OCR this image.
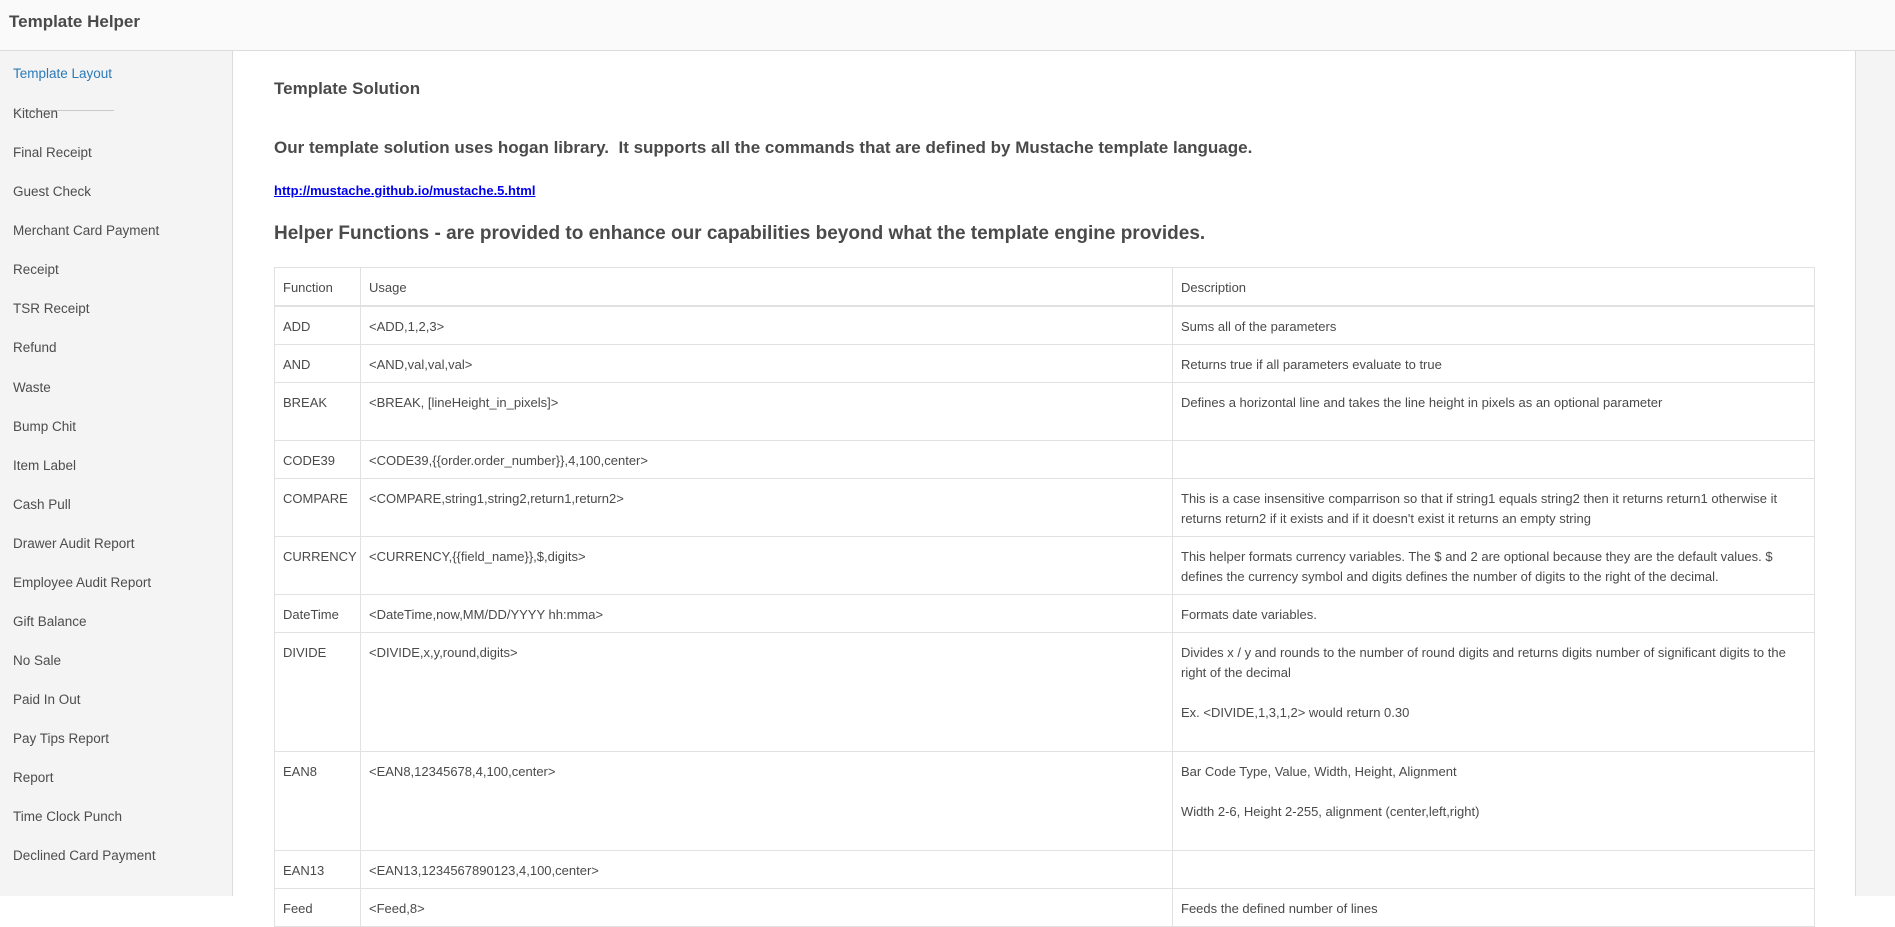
Template Helper
Template Layout
Kitchen
Final Receipt
Guest Check
Merchant Card Payment
Receipt
TSR Receipt
Refund
Waste
Bump Chit
Item Label
Cash Pull
Drawer Audit Report
Employee Audit Report
Gift Balance
No Sale
Paid In Out
Pay Tips Report
Report
Time Clock Punch
Declined Card Payment
Template Solution
Our template solution uses hogan library.  It supports all the commands that are defined by Mustache template language.
http://mustache.github.io/mustache.5.html
Helper Functions - are provided to enhance our capabilities beyond what the template engine provides.
Function	Usage	Description
ADD	<ADD,1,2,3>	Sums all of the parameters

AND	<AND,val,val,val>	Returns true if all parameters evaluate to true

BREAK	<BREAK, [lineHeight_in_pixels]>	Defines a horizontal line and takes the line height in pixels as an optional parameter

CODE39	<CODE39,{{order.order_number}},4,100,center>	
COMPARE	<COMPARE,string1,string2,return1,return2>	This is a case insensitive comparrison so that if string1 equals string2 then it returns return1 otherwise it returns return2 if it exists and if it doesn't exist it returns an empty string

CURRENCY	<CURRENCY,{{field_name}},$,digits>	This helper formats currency variables. The $ and 2 are optional because they are the default values. $ defines the currency symbol and digits defines the number of digits to the right of the decimal.

DateTime	<DateTime,now,MM/DD/YYYY hh:mma>	Formats date variables.

DIVIDE	<DIVIDE,x,y,round,digits>	Divides x / y and rounds to the number of round digits and returns digits number of significant digits to the right of the decimal
Ex. <DIVIDE,1,3,1,2> would return 0.30

EAN8	<EAN8,12345678,4,100,center>	Bar Code Type, Value, Width, Height, Alignment
Width 2-6, Height 2-255, alignment (center,left,right)

EAN13	<EAN13,1234567890123,4,100,center>	
Feed	<Feed,8>	Feeds the defined number of lines
